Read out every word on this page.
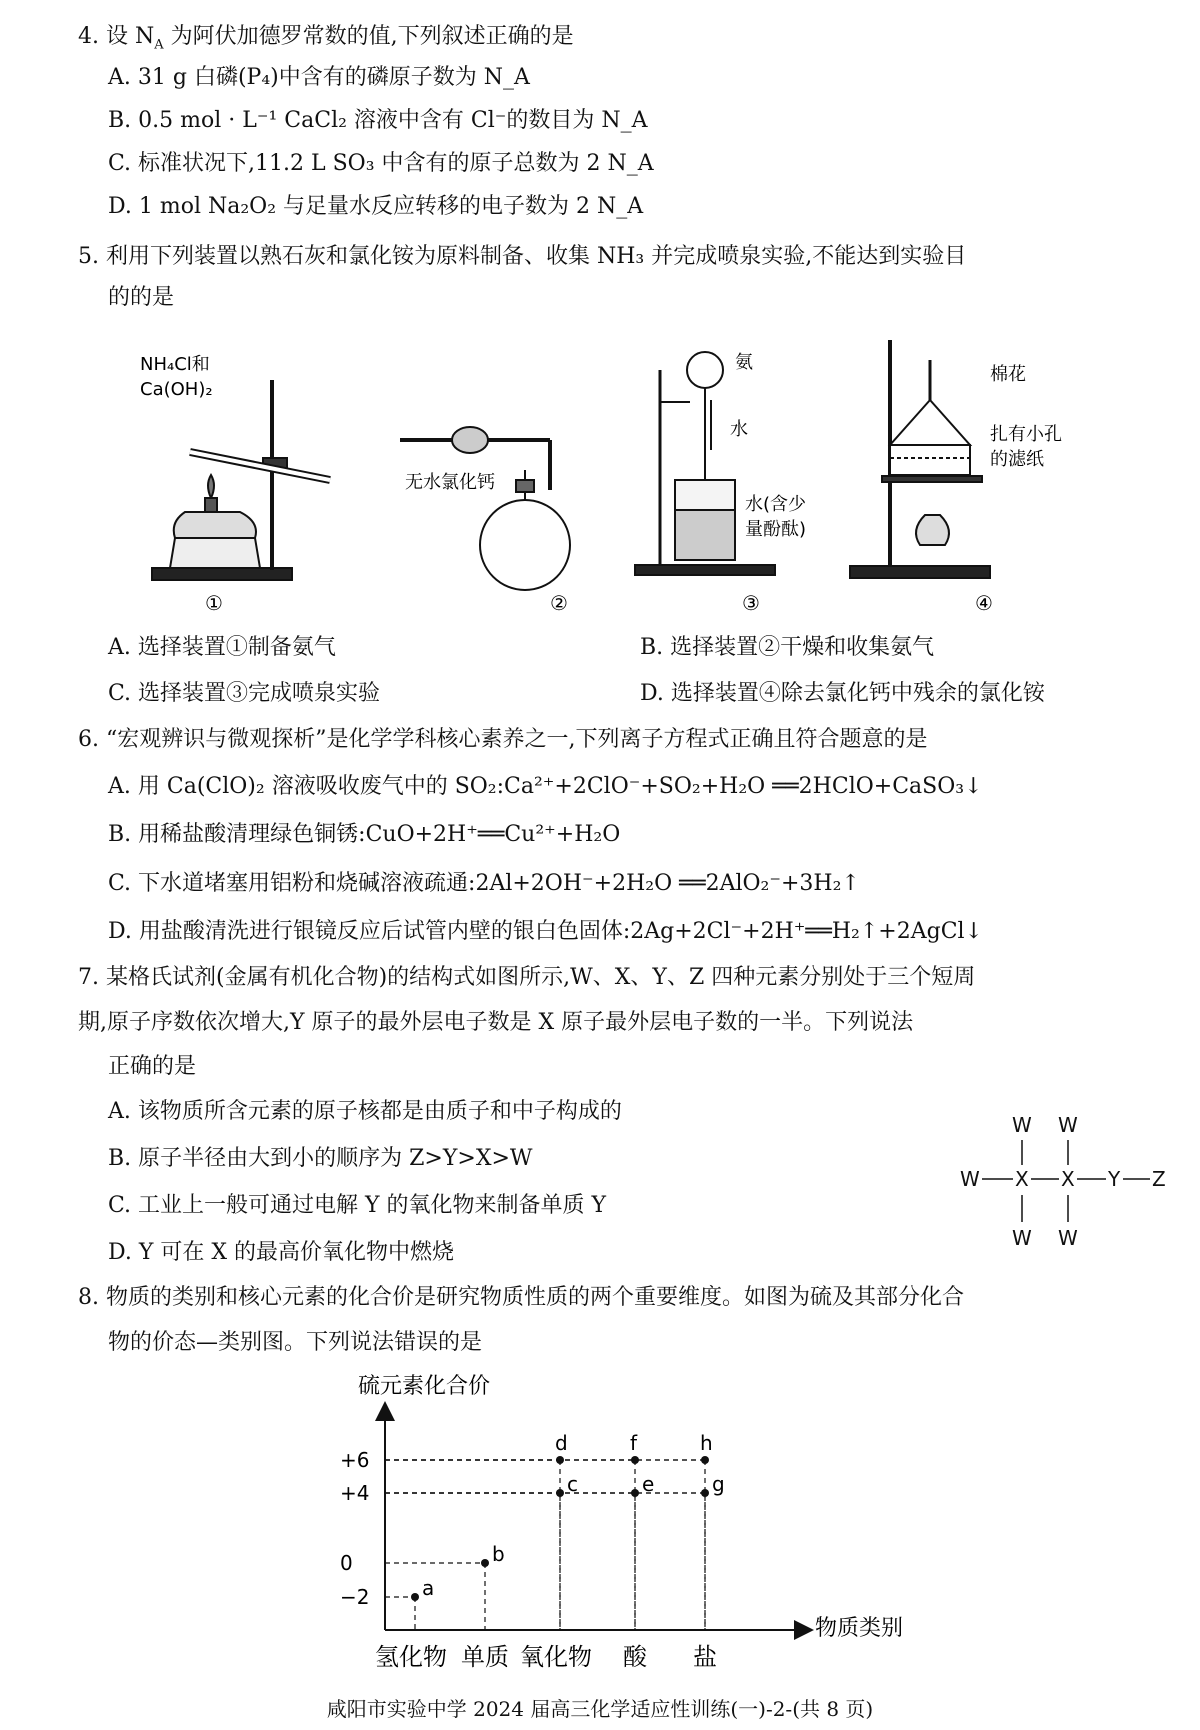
4. 设 $N_A$ 为阿伏加德罗常数的值,下列叙述正确的是
A. 31 g 白磷(P₄)中含有的磷原子数为 N_A
B. 0.5 mol · L⁻¹ CaCl₂ 溶液中含有 Cl⁻的数目为 N_A
C. 标准状况下,11.2 L SO₃ 中含有的原子总数为 2 N_A
D. 1 mol Na₂O₂ 与足量水反应转移的电子数为 2 N_A
5. 利用下列装置以熟石灰和氯化铵为原料制备、收集 NH₃ 并完成喷泉实验,不能达到实验目
的的是
NH₄Cl和
Ca(OH)₂
无水氯化钙
氨
水
水(含少
量酚酞)
棉花
扎有小孔
的滤纸
①	②	③	④
A. 选择装置①制备氨气	B. 选择装置②干燥和收集氨气
C. 选择装置③完成喷泉实验	D. 选择装置④除去氯化钙中残余的氯化铵
6. “宏观辨识与微观探析”是化学学科核心素养之一,下列离子方程式正确且符合题意的是
A. 用 Ca(ClO)₂ 溶液吸收废气中的 SO₂:Ca²⁺+2ClO⁻+SO₂+H₂O ══2HClO+CaSO₃↓
B. 用稀盐酸清理绿色铜锈:CuO+2H⁺══Cu²⁺+H₂O
C. 下水道堵塞用铝粉和烧碱溶液疏通:2Al+2OH⁻+2H₂O ══2AlO₂⁻+3H₂↑
D. 用盐酸清洗进行银镜反应后试管内壁的银白色固体:2Ag+2Cl⁻+2H⁺══H₂↑+2AgCl↓
7. 某格氏试剂(金属有机化合物)的结构式如图所示,W、X、Y、Z 四种元素分别处于三个短周
期,原子序数依次增大,Y 原子的最外层电子数是 X 原子最外层电子数的一半。下列说法
正确的是
A. 该物质所含元素的原子核都是由质子和中子构成的
B. 原子半径由大到小的顺序为 Z>Y>X>W
C. 工业上一般可通过电解 Y 的氧化物来制备单质 Y
D. Y 可在 X 的最高价氧化物中燃烧
W W
W X X Y Z
W W
8. 物质的类别和核心元素的化合价是研究物质性质的两个重要维度。如图为硫及其部分化合
物的价态—类别图。下列说法错误的是
硫元素化合价
物质类别
+6
+4
0
−2
氢化物 单质 氧化物 酸 盐
a
b
c
d
e
f
g
h
咸阳市实验中学 2024 届高三化学适应性训练(一)-2-(共 8 页)
